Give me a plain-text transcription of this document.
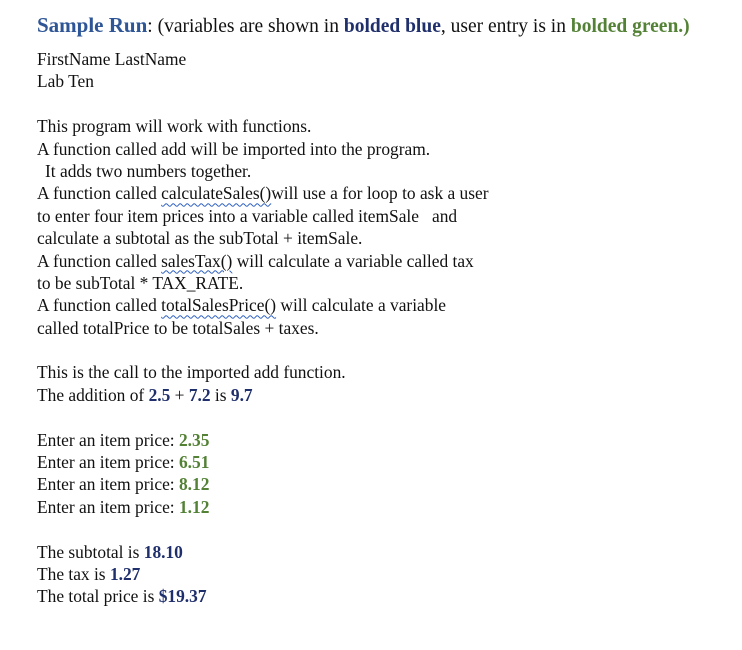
Sample Run: (variables are shown in bolded blue, user entry is in bolded green.)
FirstName LastName
Lab Ten
This program will work with functions.
A function called add will be imported into the program.
It adds two numbers together.
A function called calculateSales()will use a for loop to ask a user
to enter four item prices into a variable called itemSale   and
calculate a subtotal as the subTotal + itemSale.
A function called salesTax() will calculate a variable called tax
to be subTotal * TAX_RATE.
A function called totalSalesPrice() will calculate a variable
called totalPrice to be totalSales + taxes.
This is the call to the imported add function.
The addition of 2.5 + 7.2 is 9.7
Enter an item price: 2.35
Enter an item price: 6.51
Enter an item price: 8.12
Enter an item price: 1.12
The subtotal is 18.10
The tax is 1.27
The total price is $19.37
